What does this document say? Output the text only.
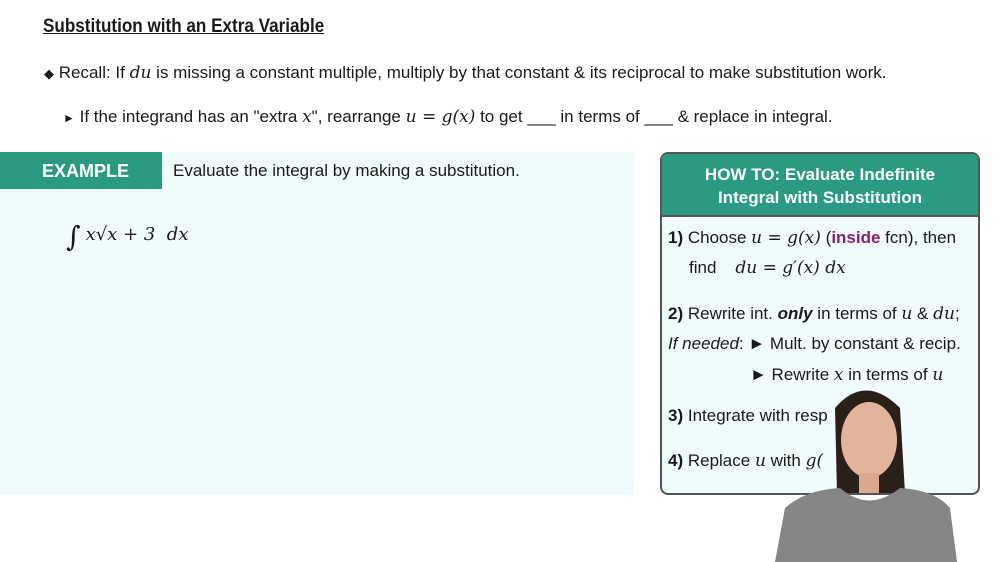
Substitution with an Extra Variable
◆ Recall: If du is missing a constant multiple, multiply by that constant & its reciprocal to make substitution work.
► If the integrand has an "extra x", rearrange u = g(x) to get ___ in terms of ___ & replace in integral.
EXAMPLE	Evaluate the integral by making a substitution.
∫ x√x + 3  dx
HOW TO: Evaluate Indefinite
Integral with Substitution
1) Choose u = g(x) (inside fcn), then
find du = g′(x) dx
2) Rewrite int. only in terms of u & du;
If needed: ► Mult. by constant & recip.
► Rewrite x in terms of u
3) Integrate with resp
4) Replace u with g(
